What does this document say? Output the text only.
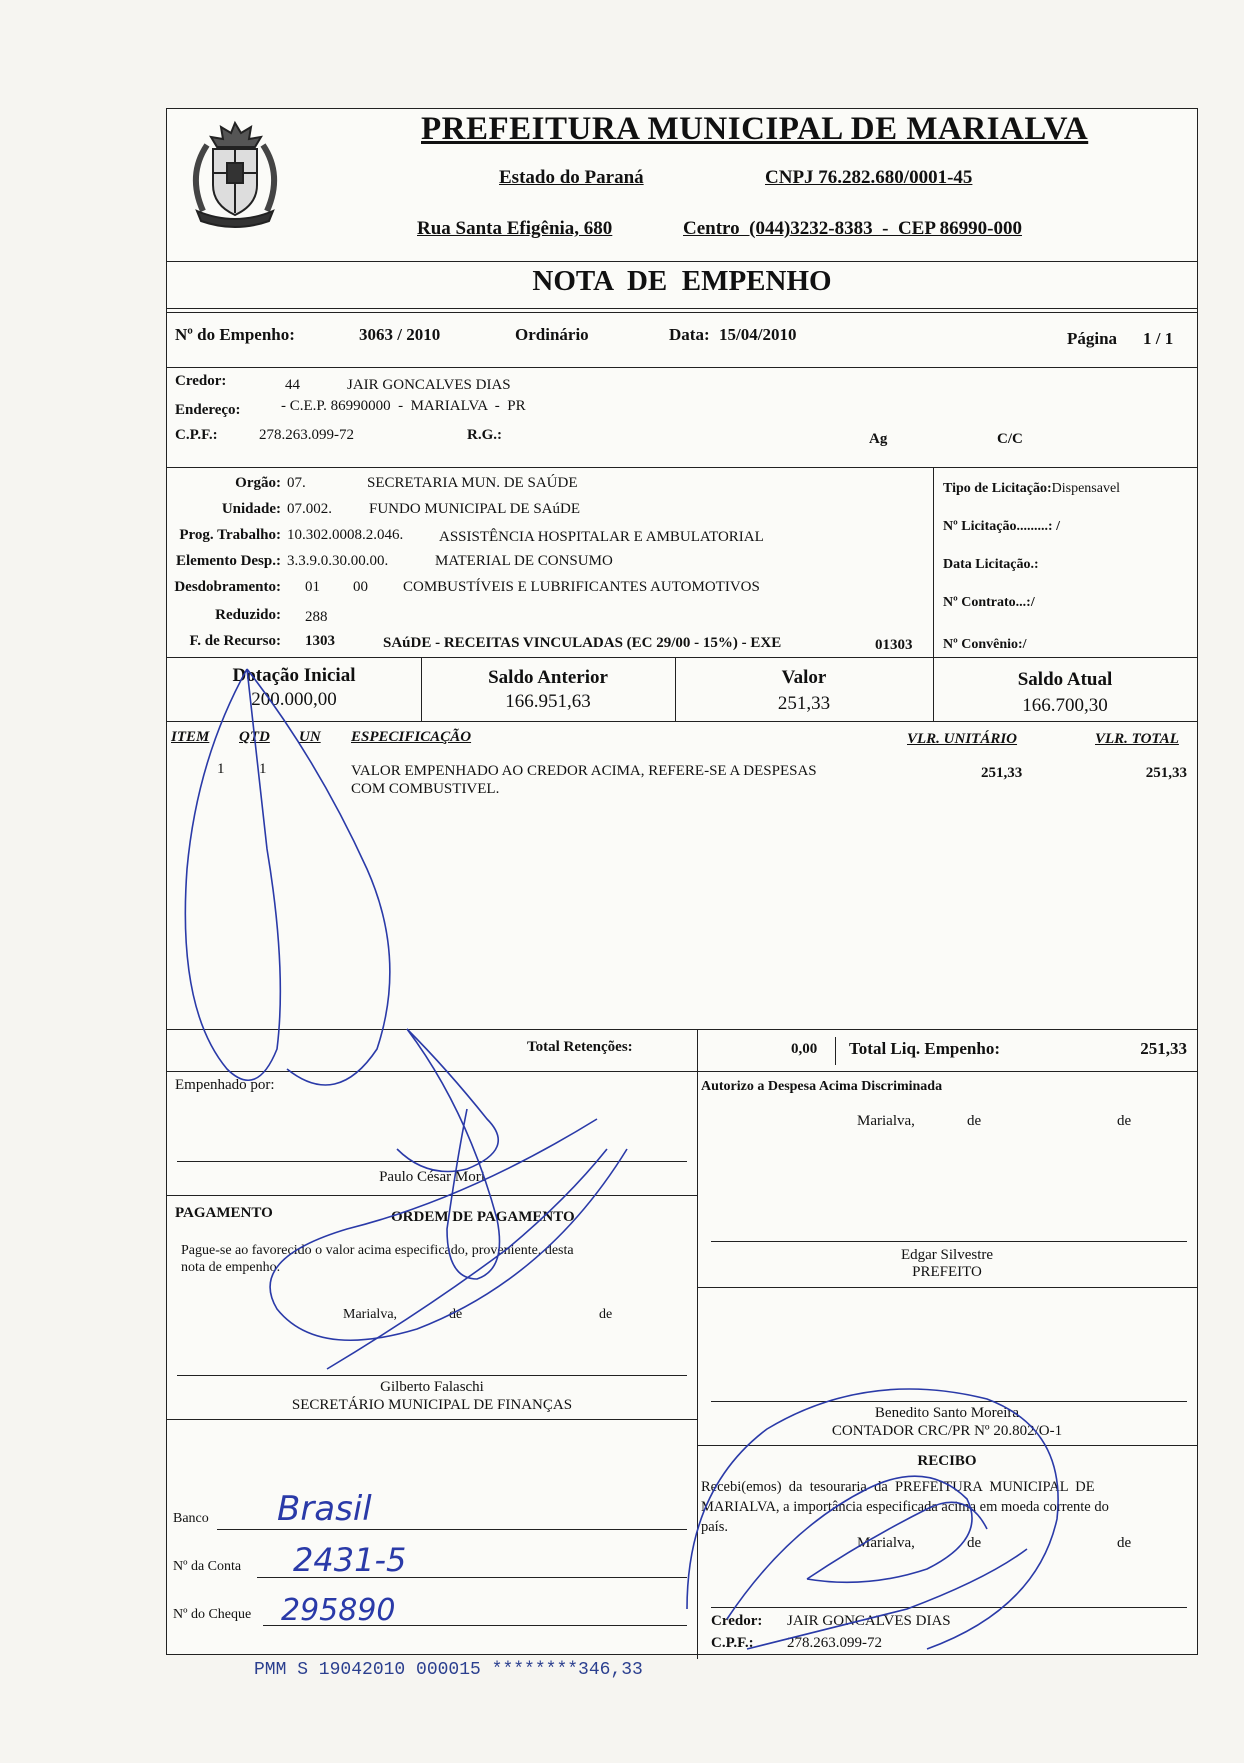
PREFEITURA MUNICIPAL DE MARIALVA
Estado do Paraná	CNPJ 76.282.680/0001-45
Rua Santa Efigênia, 680	Centro  (044)3232-8383  -  CEP 86990-000
NOTA  DE  EMPENHO
Nº do Empenho:	3063 / 2010	Ordinário	Data: 15/04/2010	Página 1 / 1
Credor:	44	JAIR GONCALVES DIAS
Endereço:	- C.E.P. 86990000  -  MARIALVA  -  PR
C.P.F.:	278.263.099-72	R.G.:	Ag	C/C
Orgão: 07.	SECRETARIA MUN. DE SAÚDE
Unidade: 07.002. FUNDO MUNICIPAL DE SAúDE
Prog. Trabalho: 10.302.0008.2.046. ASSISTÊNCIA HOSPITALAR E AMBULATORIAL
Elemento Desp.: 3.3.9.0.30.00.00.	MATERIAL DE CONSUMO
Desdobramento: 01 00 COMBUSTÍVEIS E LUBRIFICANTES AUTOMOTIVOS
Reduzido: 288
F. de Recurso: 1303	SAúDE - RECEITAS VINCULADAS (EC 29/00 - 15%) - EXE	01303
Tipo de Licitação:Dispensavel
Nº Licitação.........: /
Data Licitação.:
Nº Contrato...:/
Nº Convênio:/
Dotação Inicial
200.000,00
Saldo Anterior
166.951,63
Valor
251,33
Saldo Atual
166.700,30
ITEM QTD UN ESPECIFICAÇÃO	VLR. UNITÁRIO	VLR. TOTAL
1 1	VALOR EMPENHADO AO CREDOR ACIMA, REFERE-SE A DESPESAS
COM COMBUSTIVEL.
251,33	251,33
Total Retenções:	0,00 Total Liq. Empenho:	251,33
Empenhado por:
Paulo César Mori
PAGAMENTO	ORDEM DE PAGAMENTO
Pague-se ao favorecido o valor acima especificado, proveniente, desta
nota de empenho.
Marialva,	de	de
Gilberto Falaschi
SECRETÁRIO MUNICIPAL DE FINANÇAS
Banco Brasil
Nº da Conta 2431-5
Nº do Cheque 295890
Autorizo a Despesa Acima Discriminada
Marialva,	de	de
Edgar Silvestre
PREFEITO
Benedito Santo Moreira
CONTADOR CRC/PR Nº 20.802/O-1
RECIBO
Recebi(emos)  da  tesouraria  da  PREFEITURA  MUNICIPAL  DE
MARIALVA, a importância especificada acima em moeda corrente do
país.
Marialva,	de	de
Credor: JAIR GONCALVES DIAS
C.P.F.: 278.263.099-72
PMM S 19042010 000015 ********346,33
